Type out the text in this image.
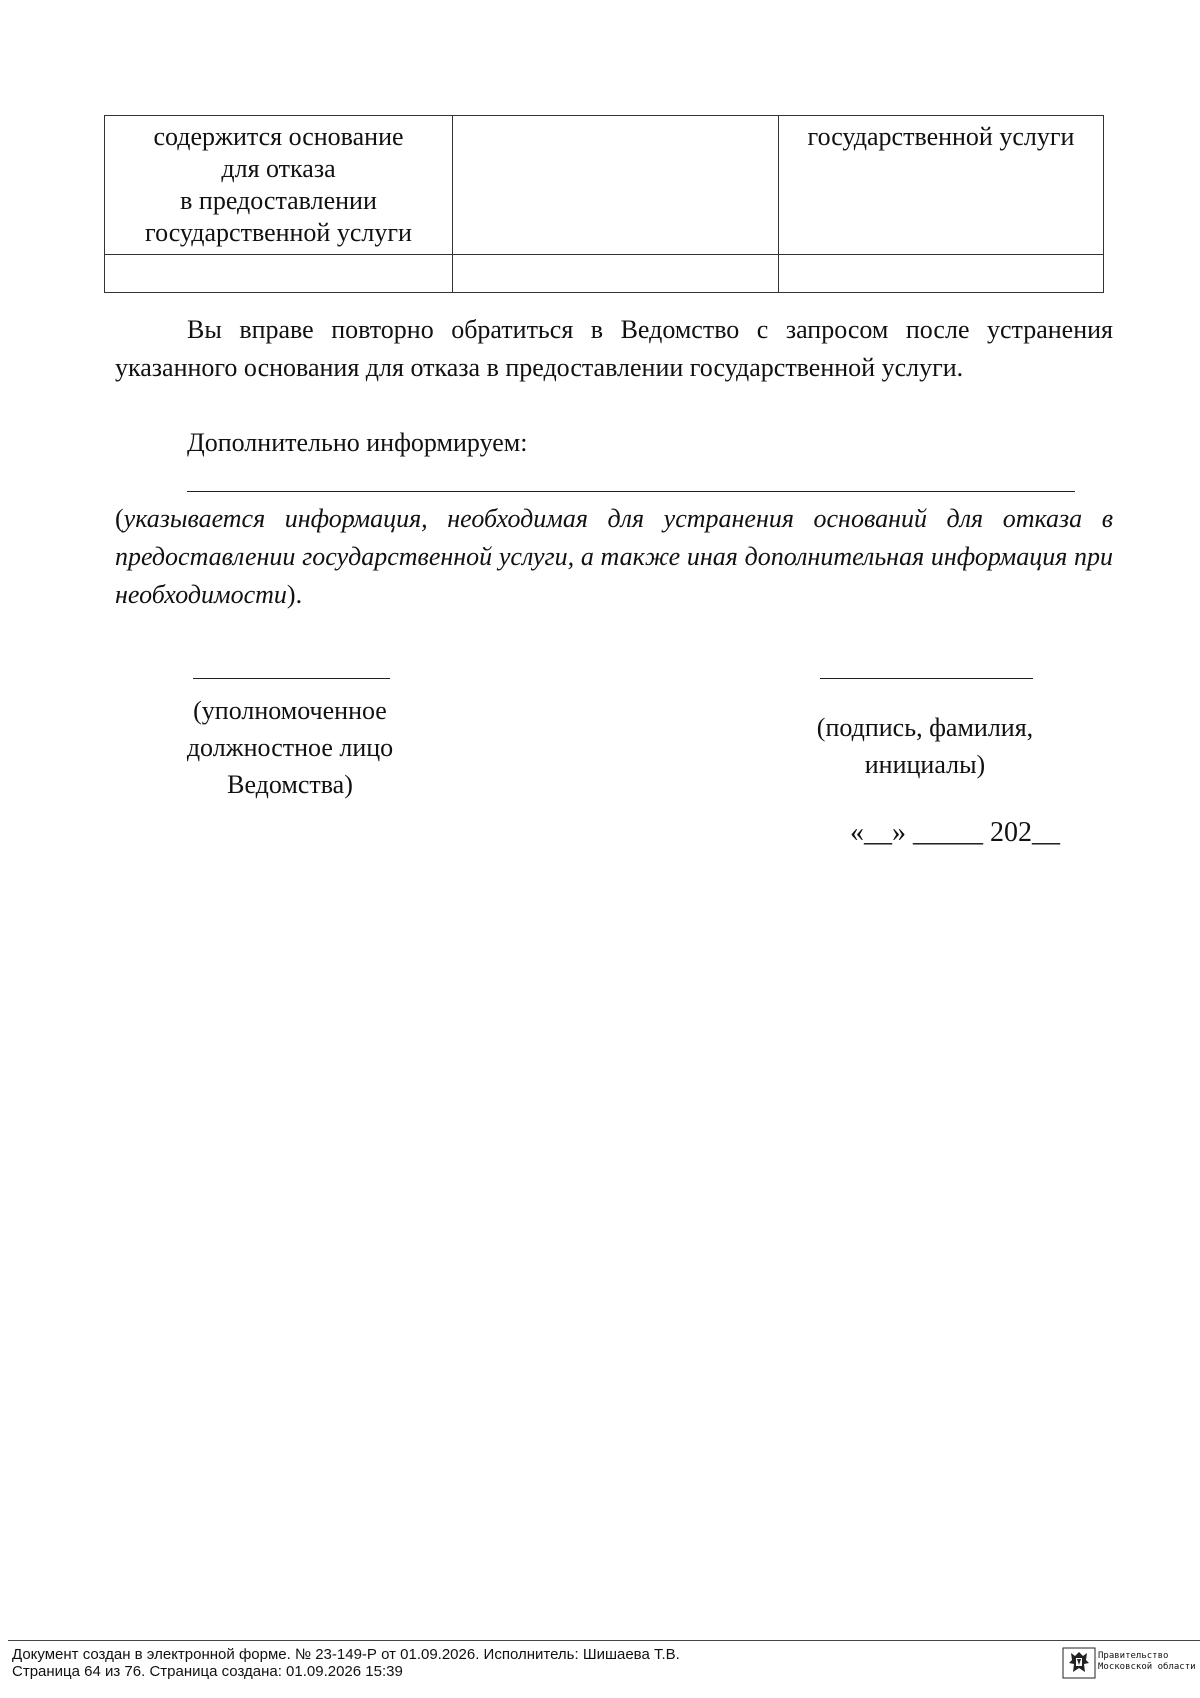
содержится основание
для отказа
в предоставлении
государственной услуги		государственной услуги

Вы вправе повторно обратиться в Ведомство с запросом после устранения указанного основания для отказа в предоставлении государственной услуги.
Дополнительно информируем:
(указывается информация, необходимая для устранения оснований для отказа в предоставлении государственной услуги, а также иная дополнительная информация при необходимости).
(уполномоченное
должностное лицо
Ведомства)
(подпись, фамилия,
инициалы)
«__» _____ 202__
Документ создан в электронной форме. № 23-149-Р от 01.09.2026. Исполнитель: Шишаева Т.В.
Страница 64 из 76. Страница создана: 01.09.2026 15:39
Правительство
Московской области
